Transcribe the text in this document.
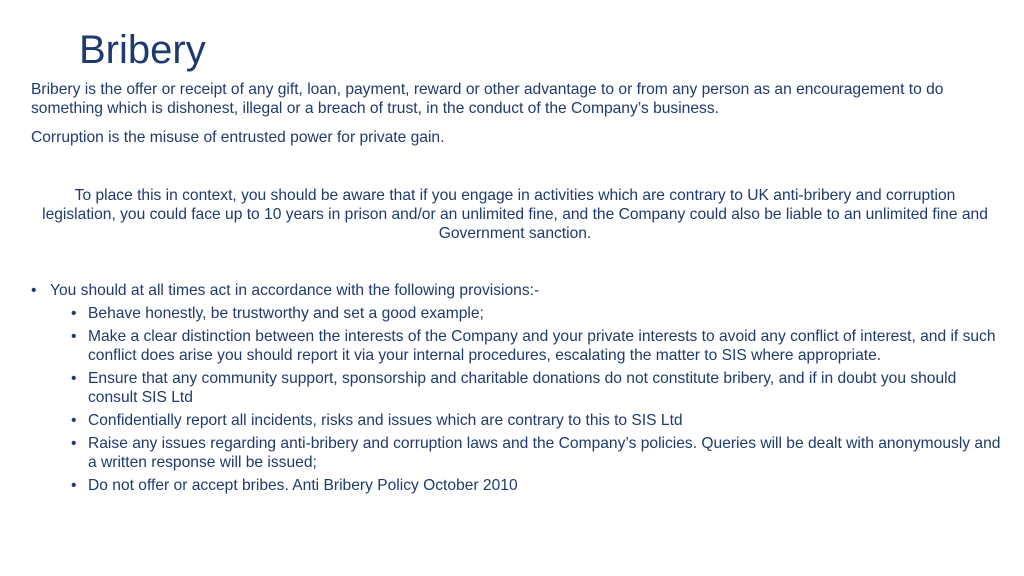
Bribery

Bribery is the offer or receipt of any gift, loan, payment, reward or other advantage to or from any person as an encouragement to do something which is dishonest, illegal or a breach of trust, in the conduct of the Company’s business.

Corruption is the misuse of entrusted power for private gain.

To place this in context, you should be aware that if you engage in activities which are contrary to UK anti-bribery and corruption legislation, you could face up to 10 years in prison and/or an unlimited fine, and the Company could also be liable to an unlimited fine and Government sanction.

• You should at all times act in accordance with the following provisions:-
• Behave honestly, be trustworthy and set a good example;
• Make a clear distinction between the interests of the Company and your private interests to avoid any conflict of interest, and if such conflict does arise you should report it via your internal procedures, escalating the matter to SIS where appropriate.
• Ensure that any community support, sponsorship and charitable donations do not constitute bribery, and if in doubt you should consult SIS Ltd
• Confidentially report all incidents, risks and issues which are contrary to this to SIS Ltd
• Raise any issues regarding anti-bribery and corruption laws and the Company’s policies. Queries will be dealt with anonymously and a written response will be issued;
• Do not offer or accept bribes. Anti Bribery Policy October 2010
